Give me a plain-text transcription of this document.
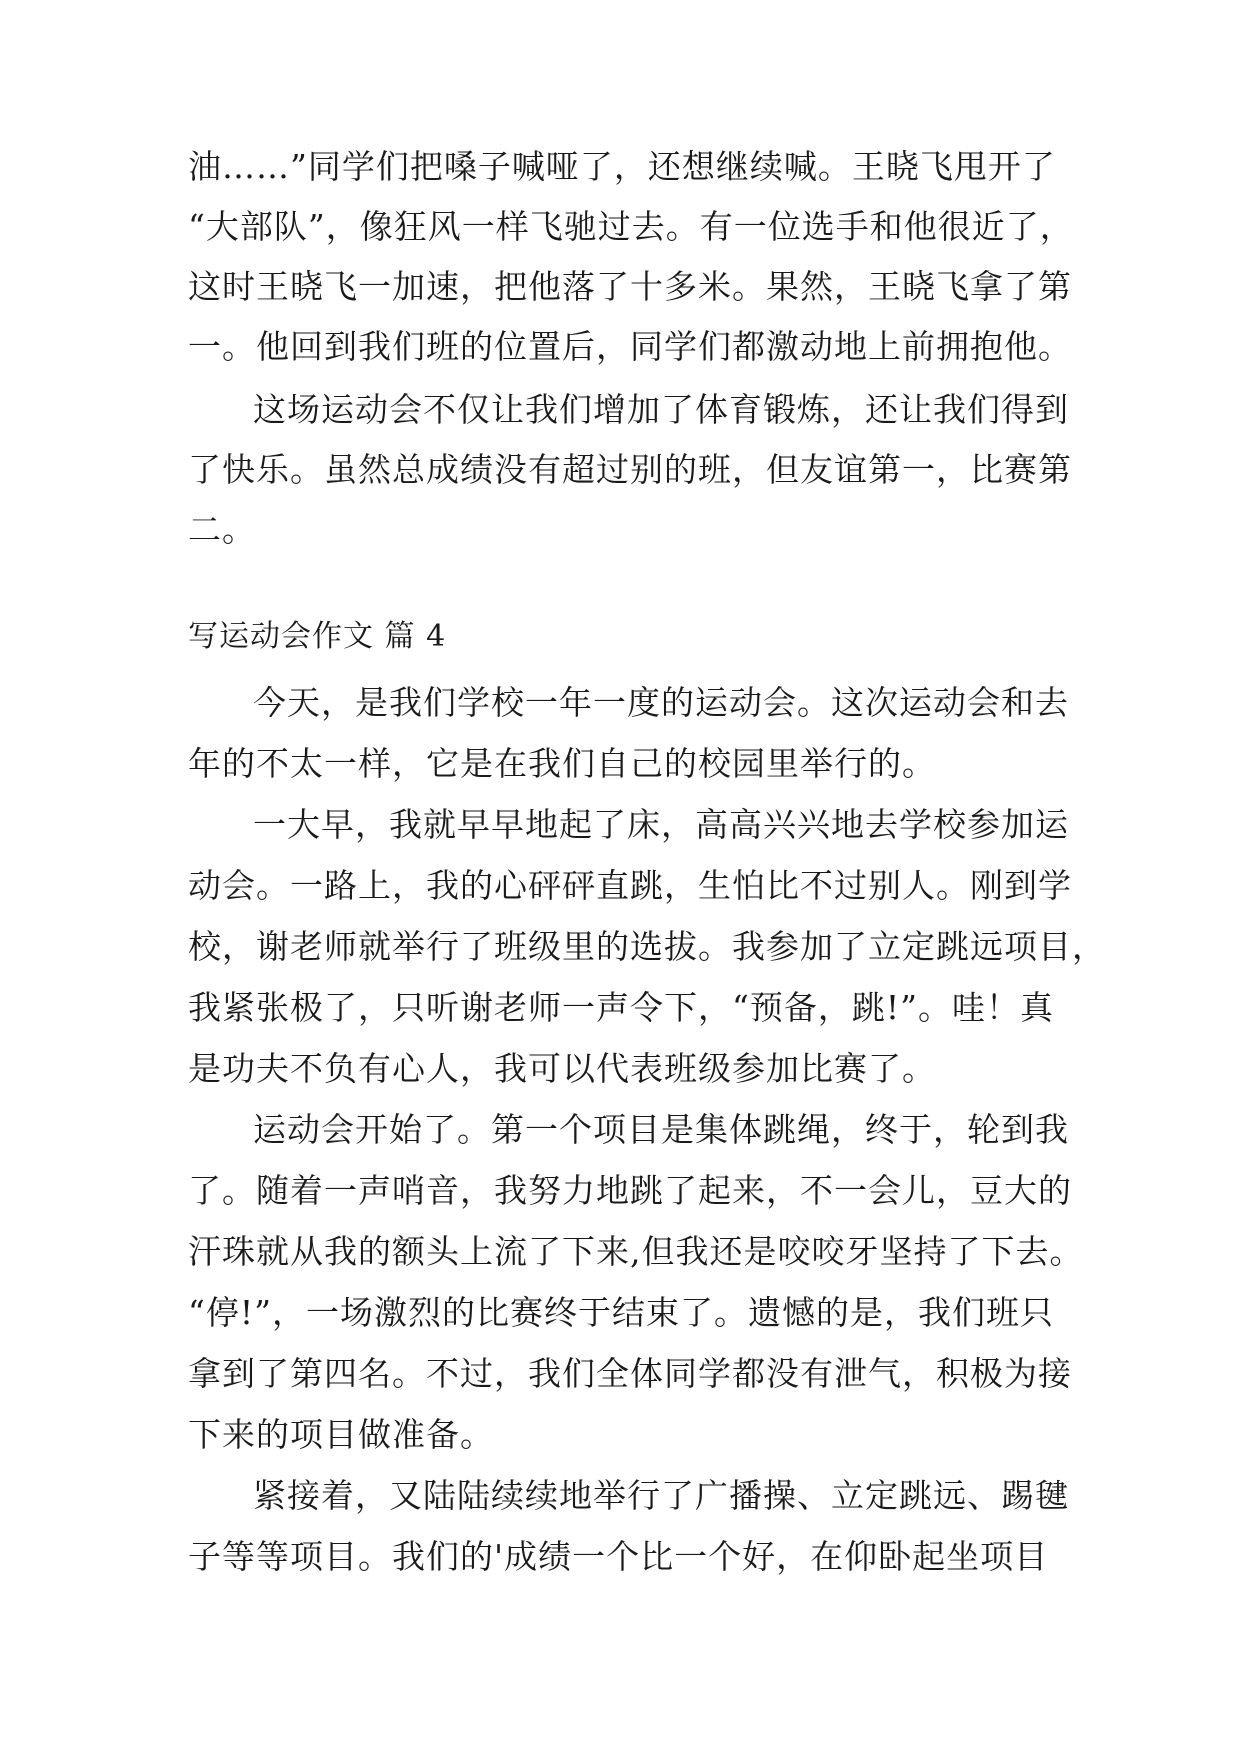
油……”同学们把嗓子喊哑了，还想继续喊。王晓飞甩开了
“大部队”，像狂风一样飞驰过去。有一位选手和他很近了，
这时王晓飞一加速，把他落了十多米。果然，王晓飞拿了第
一。他回到我们班的位置后，同学们都激动地上前拥抱他。
这场运动会不仅让我们增加了体育锻炼，还让我们得到
了快乐。虽然总成绩没有超过别的班，但友谊第一，比赛第
二。
写运动会作文 篇 4
今天，是我们学校一年一度的运动会。这次运动会和去
年的不太一样，它是在我们自己的校园里举行的。
一大早，我就早早地起了床，高高兴兴地去学校参加运
动会。一路上，我的心砰砰直跳，生怕比不过别人。刚到学
校，谢老师就举行了班级里的选拔。我参加了立定跳远项目，
我紧张极了，只听谢老师一声令下，“预备，跳!”。哇！真
是功夫不负有心人，我可以代表班级参加比赛了。
运动会开始了。第一个项目是集体跳绳，终于，轮到我
了。随着一声哨音，我努力地跳了起来，不一会儿，豆大的
汗珠就从我的额头上流了下来,但我还是咬咬牙坚持了下去。
“停!”，一场激烈的比赛终于结束了。遗憾的是，我们班只
拿到了第四名。不过，我们全体同学都没有泄气，积极为接
下来的项目做准备。
紧接着，又陆陆续续地举行了广播操、立定跳远、踢毽
子等等项目。我们的'成绩一个比一个好，在仰卧起坐项目
